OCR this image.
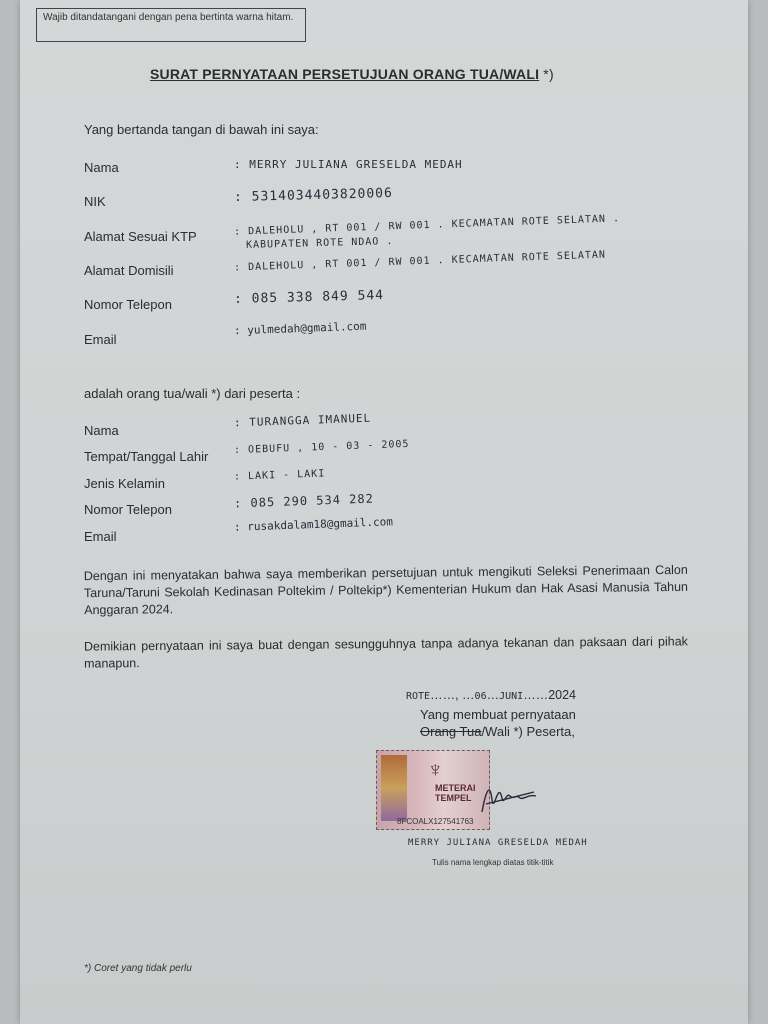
Wajib ditandatangani dengan pena bertinta warna hitam.
SURAT PERNYATAAN PERSETUJUAN ORANG TUA/WALI *)
Yang bertanda tangan di bawah ini saya:
Nama
NIK
Alamat Sesuai KTP
Alamat Domisili
Nomor Telepon
Email
: MERRY JULIANA GRESELDA MEDAH
: 5314034403820006
: DALEHOLU , RT 001 / RW 001 . KECAMATAN ROTE SELATAN .
KABUPATEN ROTE NDAO .
: DALEHOLU , RT 001 / RW 001 . KECAMATAN ROTE SELATAN
: 085 338 849 544
: yulmedah@gmail.com
adalah orang tua/wali *) dari peserta :
Nama
Tempat/Tanggal Lahir
Jenis Kelamin
Nomor Telepon
Email
: TURANGGA IMANUEL
: OEBUFU , 10 - 03 - 2005
: LAKI - LAKI
: 085 290 534 282
: rusakdalam18@gmail.com
Dengan ini menyatakan bahwa saya memberikan persetujuan untuk mengikuti Seleksi Penerimaan Calon Taruna/Taruni Sekolah Kedinasan Poltekim / Poltekip*) Kementerian Hukum dan Hak Asasi Manusia Tahun Anggaran 2024.
Demikian pernyataan ini saya buat dengan sesungguhnya tanpa adanya tekanan dan paksaan dari pihak manapun.
ROTE……, …06…JUNI……2024
Yang membuat pernyataan
Orang Tua/Wali *) Peserta,
♆
METERAI
TEMPEL
8FCOALX127541763
MERRY JULIANA GRESELDA MEDAH
Tulis nama lengkap diatas titik-titik
*) Coret yang tidak perlu
